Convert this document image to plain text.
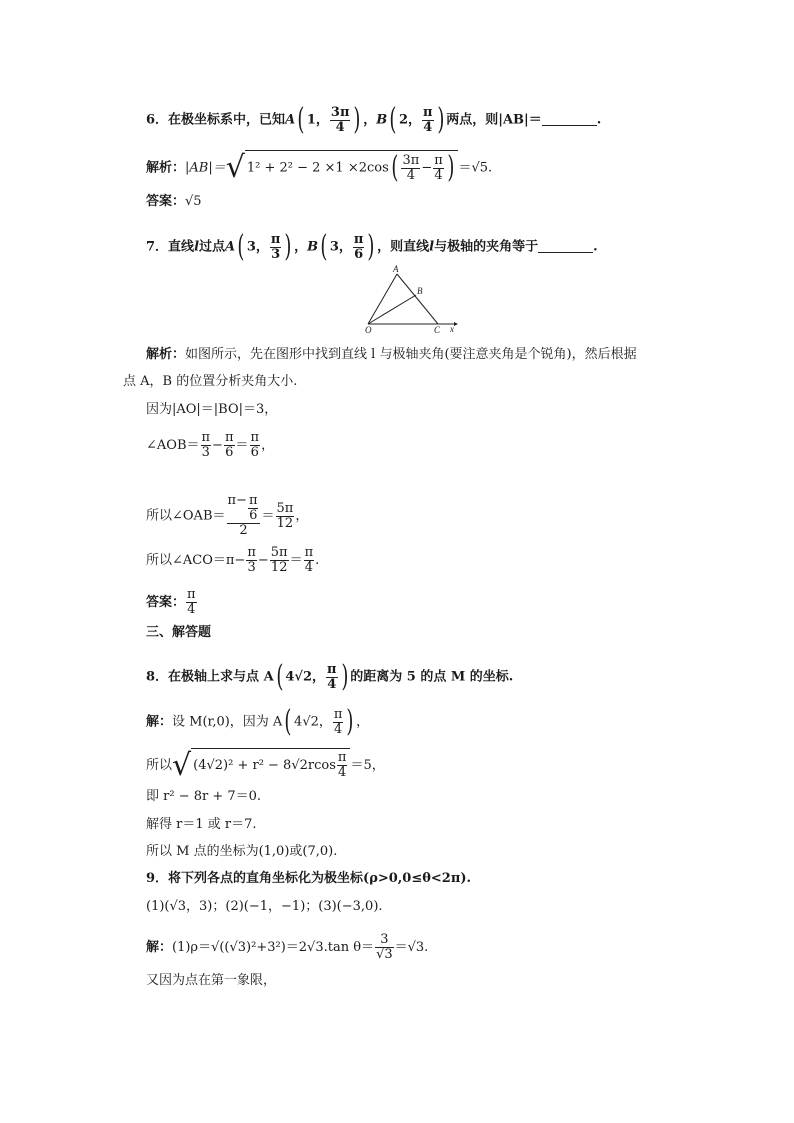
6．在极坐标系中，已知A( 1， $\frac{3\pi}{4}$ ) ，B( 2， $\frac{\pi}{4}$ ) 两点，则|AB|＝	.
解析：|AB|＝√ $1^2 + 2^2 - 2 \times 1 \times 2\cos( \frac{3\pi}{4} - \frac{\pi}{4}$ ) ＝√5.
答案：√5
7．直线l过点A( 3， $\frac{\pi}{3}$ ) ，B( 3， $\frac{\pi}{6}$ ) ，则直线l与极轴的夹角等于	.
A
B
O	C x
解析：如图所示，先在图形中找到直线 l 与极轴夹角(要注意夹角是个锐角)，然后根据
点 A，B 的位置分析夹角大小.
因为|AO|＝|BO|＝3，
∠AOB＝ $\frac{\pi}{3} - \frac{\pi}{6} = \frac{\pi}{6}$ ，
所以∠OAB＝ $\frac{\pi- \frac{\pi}{6}}{2} = \frac{5\pi}{12}$ ，
所以∠ACO＝π− $\frac{\pi}{3} - \frac{5\pi}{12} = \frac{\pi}{4}$ .
答案： $\frac{\pi}{4}$
三、解答题
8．在极轴上求与点 A( 4√2， $\frac{\pi}{4}$ ) 的距离为 5 的点 M 的坐标.
解：设 M(r,0)，因为 A( 4√2， $\frac{\pi}{4}$ ) ，
所以√ $(4√2)^2 + r^2 - 8√2rcos \frac{\pi}{4} =5$，
即 r² − 8r + 7＝0.
解得 r＝1 或 r＝7.
所以 M 点的坐标为(1,0)或(7,0).
9．将下列各点的直角坐标化为极坐标(ρ>0,0≤θ<2π).
(1)(√3，3)；(2)(−1，−1)；(3)(−3,0).
解：(1)ρ＝√((√3)²+3²)＝2√3.tan $\theta= \frac{3}{√3} =√3$.
又因为点在第一象限，
